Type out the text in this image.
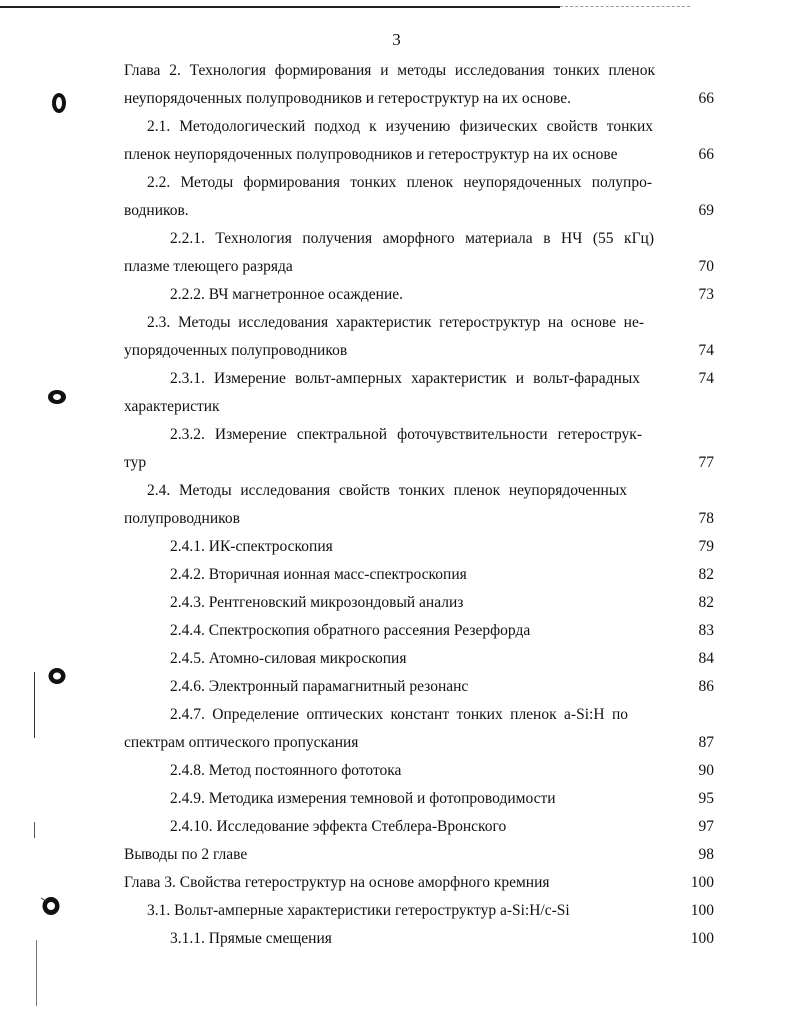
3
Глава 2. Технология формирования и методы исследования тонких пленок
неупорядоченных полупроводников и гетероструктур на их основе.	66
2.1. Методологический подход к изучению физических свойств тонких
пленок неупорядоченных полупроводников и гетероструктур на их основе	66
2.2. Методы формирования тонких пленок неупорядоченных полупро-
водников.	69
2.2.1. Технология получения аморфного материала в НЧ (55 кГц)
плазме тлеющего разряда	70
2.2.2. ВЧ магнетронное осаждение.	73
2.3. Методы исследования характеристик гетероструктур на основе не-
упорядоченных полупроводников	74
2.3.1. Измерение вольт-амперных характеристик и вольт-фарадных	74
характеристик
2.3.2. Измерение спектральной фоточувствительности гетерострук-
тур	77
2.4. Методы исследования свойств тонких пленок неупорядоченных
полупроводников	78
2.4.1. ИК-спектроскопия	79
2.4.2. Вторичная ионная масс-спектроскопия	82
2.4.3. Рентгеновский микрозондовый анализ	82
2.4.4. Спектроскопия обратного рассеяния Резерфорда	83
2.4.5. Атомно-силовая микроскопия	84
2.4.6. Электронный парамагнитный резонанс	86
2.4.7. Определение оптических констант тонких пленок a-Si:H по
спектрам оптического пропускания	87
2.4.8. Метод постоянного фототока	90
2.4.9. Методика измерения темновой и фотопроводимости	95
2.4.10. Исследование эффекта Стеблера-Вронского	97
Выводы по 2 главе	98
Глава 3. Свойства гетероструктур на основе аморфного кремния	100
3.1. Вольт-амперные характеристики гетероструктур a-Si:H/c-Si	100
3.1.1. Прямые смещения	100
